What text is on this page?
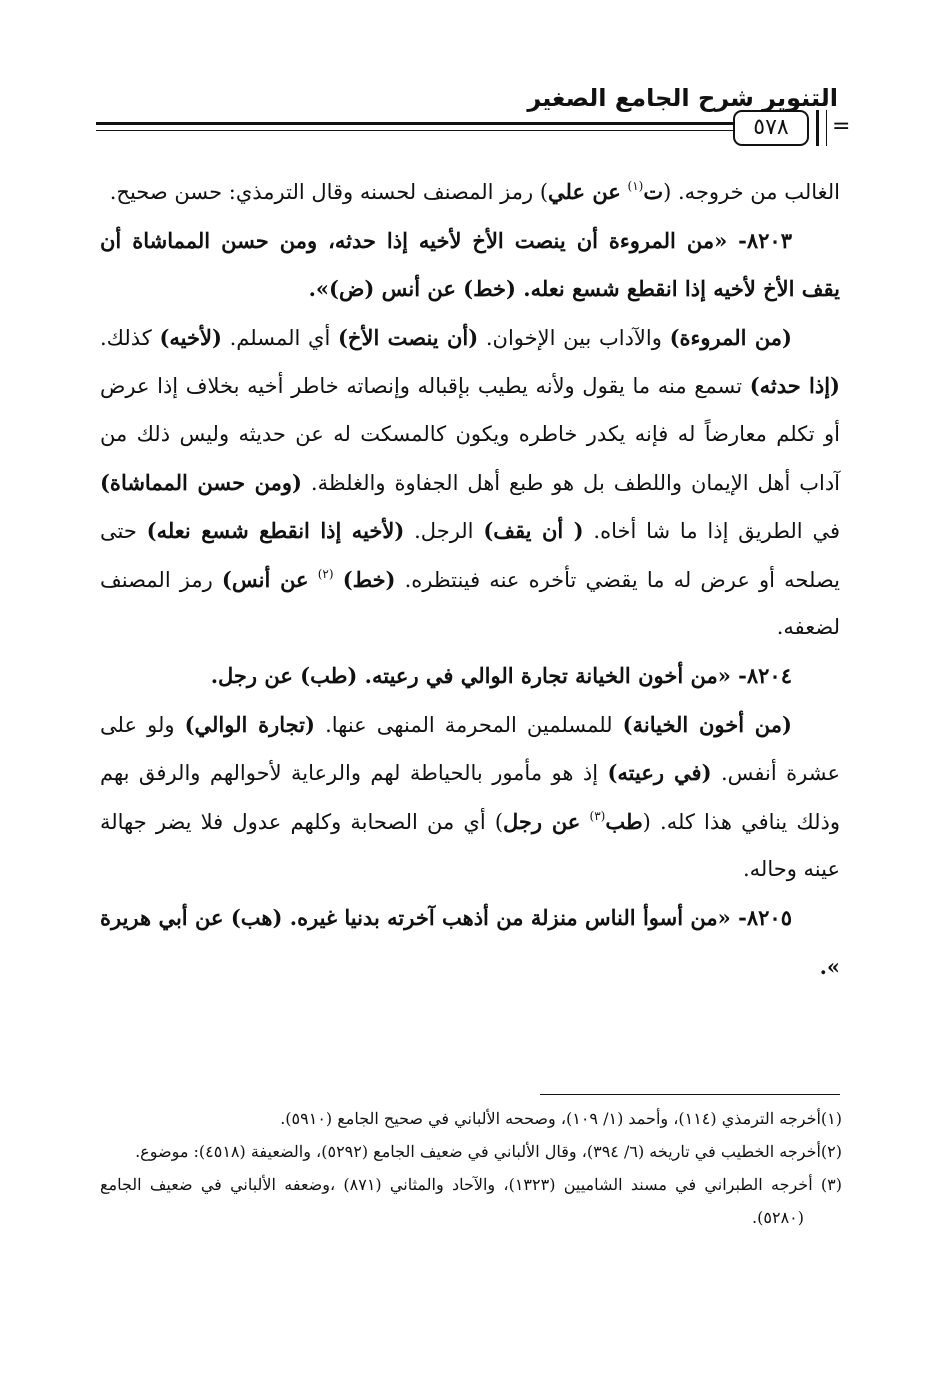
التنوير شرح الجامع الصغير
٥٧٨	=

الغالب من خروجه. (ت$^{(١)}$ عن علي) رمز المصنف لحسنه وقال الترمذي: حسن صحيح.

٨٢٠٣- «من المروءة أن ينصت الأخ لأخيه إذا حدثه، ومن حسن المماشاة أن يقف الأخ لأخيه إذا انقطع شسع نعله. (خط) عن أنس (ض)».

(من المروءة) والآداب بين الإخوان. (أن ينصت الأخ) أي المسلم. (لأخيه) كذلك. (إذا حدثه) تسمع منه ما يقول ولأنه يطيب بإقباله وإنصاته خاطر أخيه بخلاف إذا عرض أو تكلم معارضاً له فإنه يكدر خاطره ويكون كالمسكت له عن حديثه وليس ذلك من آداب أهل الإيمان واللطف بل هو طبع أهل الجفاوة والغلظة. (ومن حسن المماشاة) في الطريق إذا ما شا أخاه. ( أن يقف) الرجل. (لأخيه إذا انقطع شسع نعله) حتى يصلحه أو عرض له ما يقضي تأخره عنه فينتظره. (خط) $^{(٢)}$ عن أنس) رمز المصنف لضعفه.

٨٢٠٤- «من أخون الخيانة تجارة الوالي في رعيته. (طب) عن رجل.

(من أخون الخيانة) للمسلمين المحرمة المنهى عنها. (تجارة الوالي) ولو على عشرة أنفس. (في رعيته) إذ هو مأمور بالحياطة لهم والرعاية لأحوالهم والرفق بهم وذلك ينافي هذا كله. (طب$^{(٣)}$ عن رجل) أي من الصحابة وكلهم عدول فلا يضر جهالة عينه وحاله.

٨٢٠٥- «من أسوأ الناس منزلة من أذهب آخرته بدنيا غيره. (هب) عن أبي هريرة ».

(١)أخرجه الترمذي (١١٤)، وأحمد (١/ ١٠٩)، وصححه الألباني في صحيح الجامع (٥٩١٠).

(٢)أخرجه الخطيب في تاريخه (٦/ ٣٩٤)، وقال الألباني في ضعيف الجامع (٥٢٩٢)، والضعيفة (٤٥١٨): موضوع.

(٣) أخرجه الطبراني في مسند الشاميين (١٣٢٣)، والآحاد والمثاني (٨٧١) ،وضعفه الألباني في ضعيف الجامع (٥٢٨٠).
